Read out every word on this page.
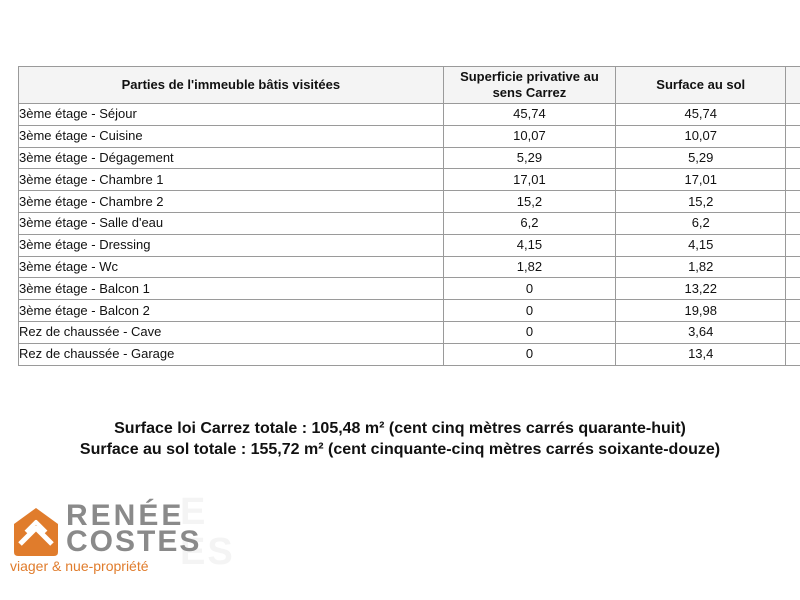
Parties de l'immeuble bâtis visitées	Superficie privative au sens Carrez	Surface au sol	
3ème étage - Séjour	45,74	45,74	
3ème étage - Cuisine	10,07	10,07	
3ème étage - Dégagement	5,29	5,29	
3ème étage - Chambre 1	17,01	17,01	
3ème étage - Chambre 2	15,2	15,2	
3ème étage - Salle d'eau	6,2	6,2	
3ème étage - Dressing	4,15	4,15	
3ème étage - Wc	1,82	1,82	
3ème étage - Balcon 1	0	13,22	
3ème étage - Balcon 2	0	19,98	
Rez de chaussée - Cave	0	3,64	
Rez de chaussée - Garage	0	13,4	
Surface loi Carrez totale : 105,48 m² (cent cinq mètres carrés quarante-huit)
Surface au sol totale : 155,72 m² (cent cinquante-cinq mètres carrés soixante-douze)
E
ES
RENÉE
COSTES
viager & nue-propriété
